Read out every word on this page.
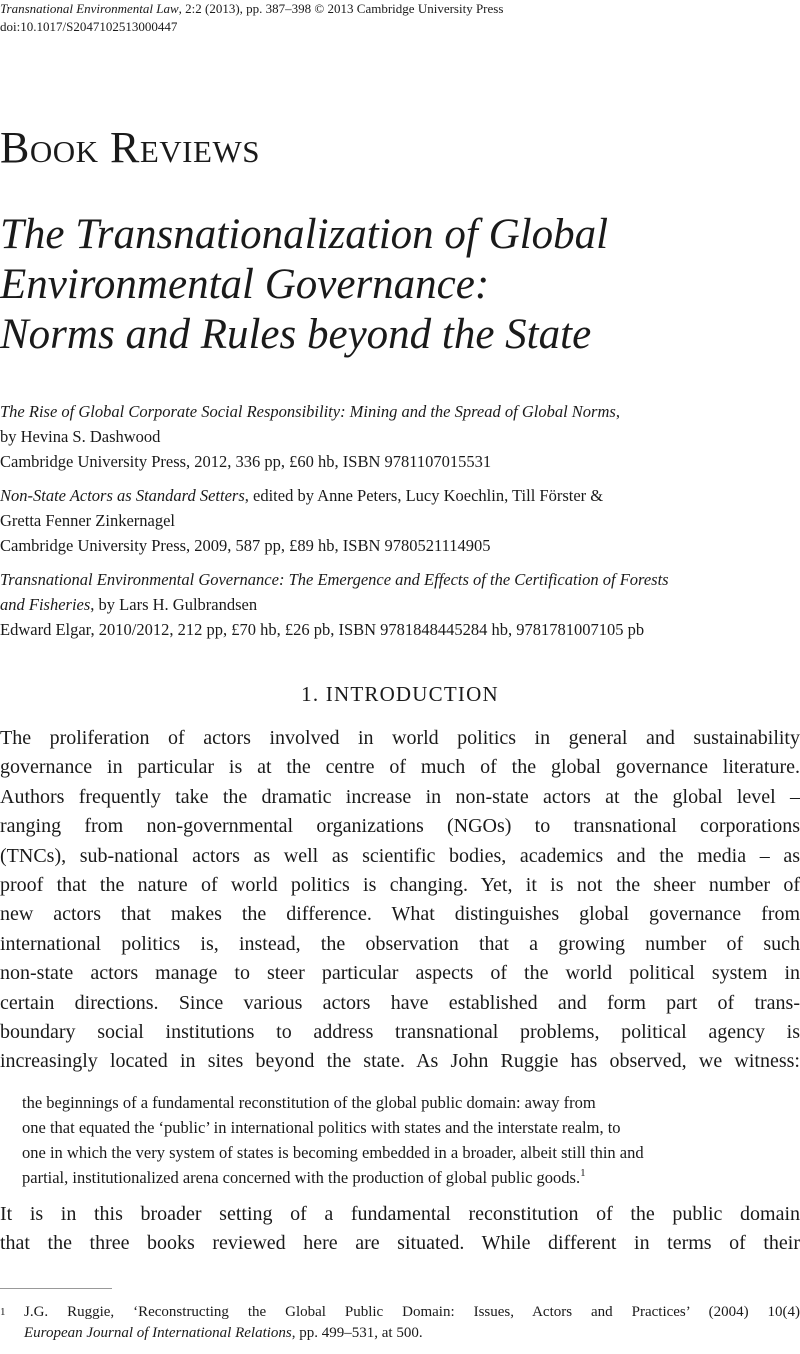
Transnational Environmental Law, 2:2 (2013), pp. 387–398 © 2013 Cambridge University Press
doi:10.1017/S2047102513000447
Book Reviews
The Transnationalization of Global
Environmental Governance:
Norms and Rules beyond the State
The Rise of Global Corporate Social Responsibility: Mining and the Spread of Global Norms,
by Hevina S. Dashwood
Cambridge University Press, 2012, 336 pp, £60 hb, ISBN 9781107015531
Non-State Actors as Standard Setters, edited by Anne Peters, Lucy Koechlin, Till Förster &
Gretta Fenner Zinkernagel
Cambridge University Press, 2009, 587 pp, £89 hb, ISBN 9780521114905
Transnational Environmental Governance: The Emergence and Effects of the Certification of Forests
and Fisheries, by Lars H. Gulbrandsen
Edward Elgar, 2010/2012, 212 pp, £70 hb, £26 pb, ISBN 9781848445284 hb, 9781781007105 pb
1. INTRODUCTION
The proliferation of actors involved in world politics in general and sustainability
governance in particular is at the centre of much of the global governance literature.
Authors frequently take the dramatic increase in non-state actors at the global level –
ranging from non-governmental organizations (NGOs) to transnational corporations
(TNCs), sub-national actors as well as scientific bodies, academics and the media – as
proof that the nature of world politics is changing. Yet, it is not the sheer number of
new actors that makes the difference. What distinguishes global governance from
international politics is, instead, the observation that a growing number of such
non-state actors manage to steer particular aspects of the world political system in
certain directions. Since various actors have established and form part of trans-
boundary social institutions to address transnational problems, political agency is
increasingly located in sites beyond the state. As John Ruggie has observed, we witness:
the beginnings of a fundamental reconstitution of the global public domain: away from
one that equated the ‘public’ in international politics with states and the interstate realm, to
one in which the very system of states is becoming embedded in a broader, albeit still thin and
partial, institutionalized arena concerned with the production of global public goods.$^1$
It is in this broader setting of a fundamental reconstitution of the public domain
that the three books reviewed here are situated. While different in terms of their
1 J.G. Ruggie, ‘Reconstructing the Global Public Domain: Issues, Actors and Practices’ (2004) 10(4)
European Journal of International Relations, pp. 499–531, at 500.
